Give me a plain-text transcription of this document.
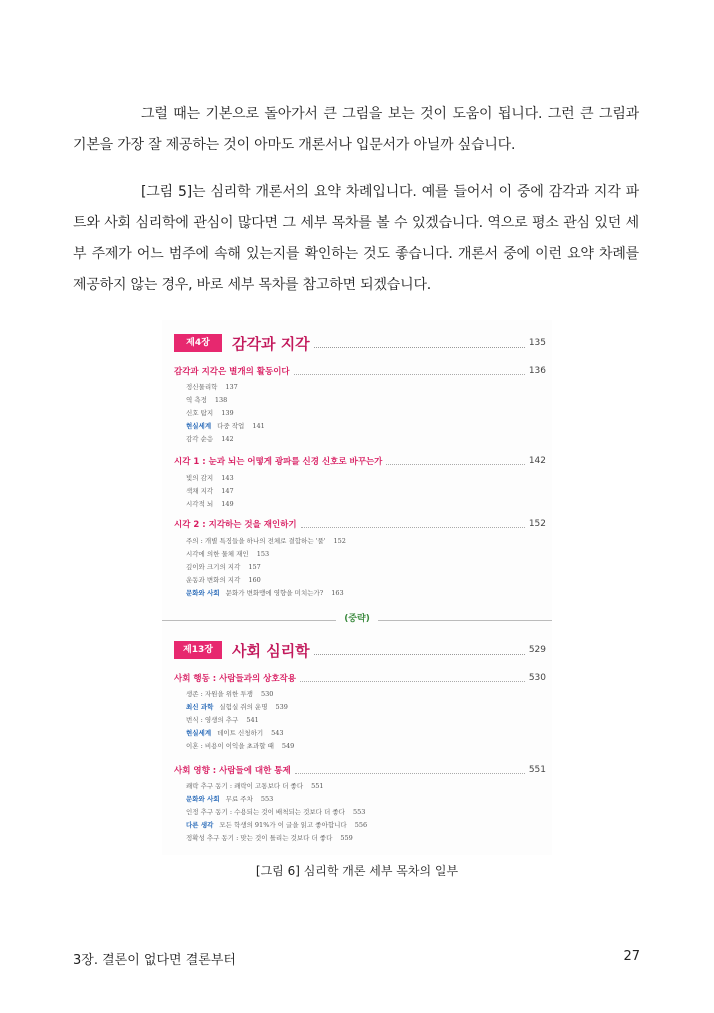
그럴 때는 기본으로 돌아가서 큰 그림을 보는 것이 도움이 됩니다. 그런 큰 그림과 기본을 가장 잘 제공하는 것이 아마도 개론서나 입문서가 아닐까 싶습니다.

[그림 5]는 심리학 개론서의 요약 차례입니다. 예를 들어서 이 중에 감각과 지각 파트와 사회 심리학에 관심이 많다면 그 세부 목차를 볼 수 있겠습니다. 역으로 평소 관심 있던 세부 주제가 어느 범주에 속해 있는지를 확인하는 것도 좋습니다. 개론서 중에 이런 요약 차례를 제공하지 않는 경우, 바로 세부 목차를 참고하면 되겠습니다.

제4장	감각과 지각	135
감각과 지각은 별개의 활동이다	136
정신물리학 137
역 측정 138
신호 탐지 139
현실세계 다중 작업 141
감각 순응 142
시각 1 : 눈과 뇌는 어떻게 광파를 신경 신호로 바꾸는가	142
빛의 감지 143
색채 지각 147
시각적 뇌 149
시각 2 : 지각하는 것을 재인하기	152
주의 : 개별 특징들을 하나의 전체로 결합하는 '풀' 152
시각에 의한 물체 재인 153
깊이와 크기의 지각 157
운동과 변화의 지각 160
문화와 사회 문화가 변화맹에 영향을 미치는가? 163
(중략)
제13장	사회 심리학	529
사회 행동 : 사람들과의 상호작용	530
생존 : 자원을 위한 투쟁 530
최신 과학 실험실 쥐의 운명 539
번식 : 영생의 추구 541
현실세계 데이트 신청하기 543
이혼 : 비용이 이익을 초과할 때 549
사회 영향 : 사람들에 대한 통제	551
쾌락 추구 동기 : 쾌락이 고통보다 더 좋다 551
문화와 사회 무료 주차 553
인정 추구 동기 : 수용되는 것이 배척되는 것보다 더 좋다 553
다른 생각 모든 학생의 91%가 이 글을 읽고 좋아합니다 556
정확성 추구 동기 : 맞는 것이 틀리는 것보다 더 좋다 559
[그림 6] 심리학 개론 세부 목차의 일부
3장. 결론이 없다면 결론부터	27
